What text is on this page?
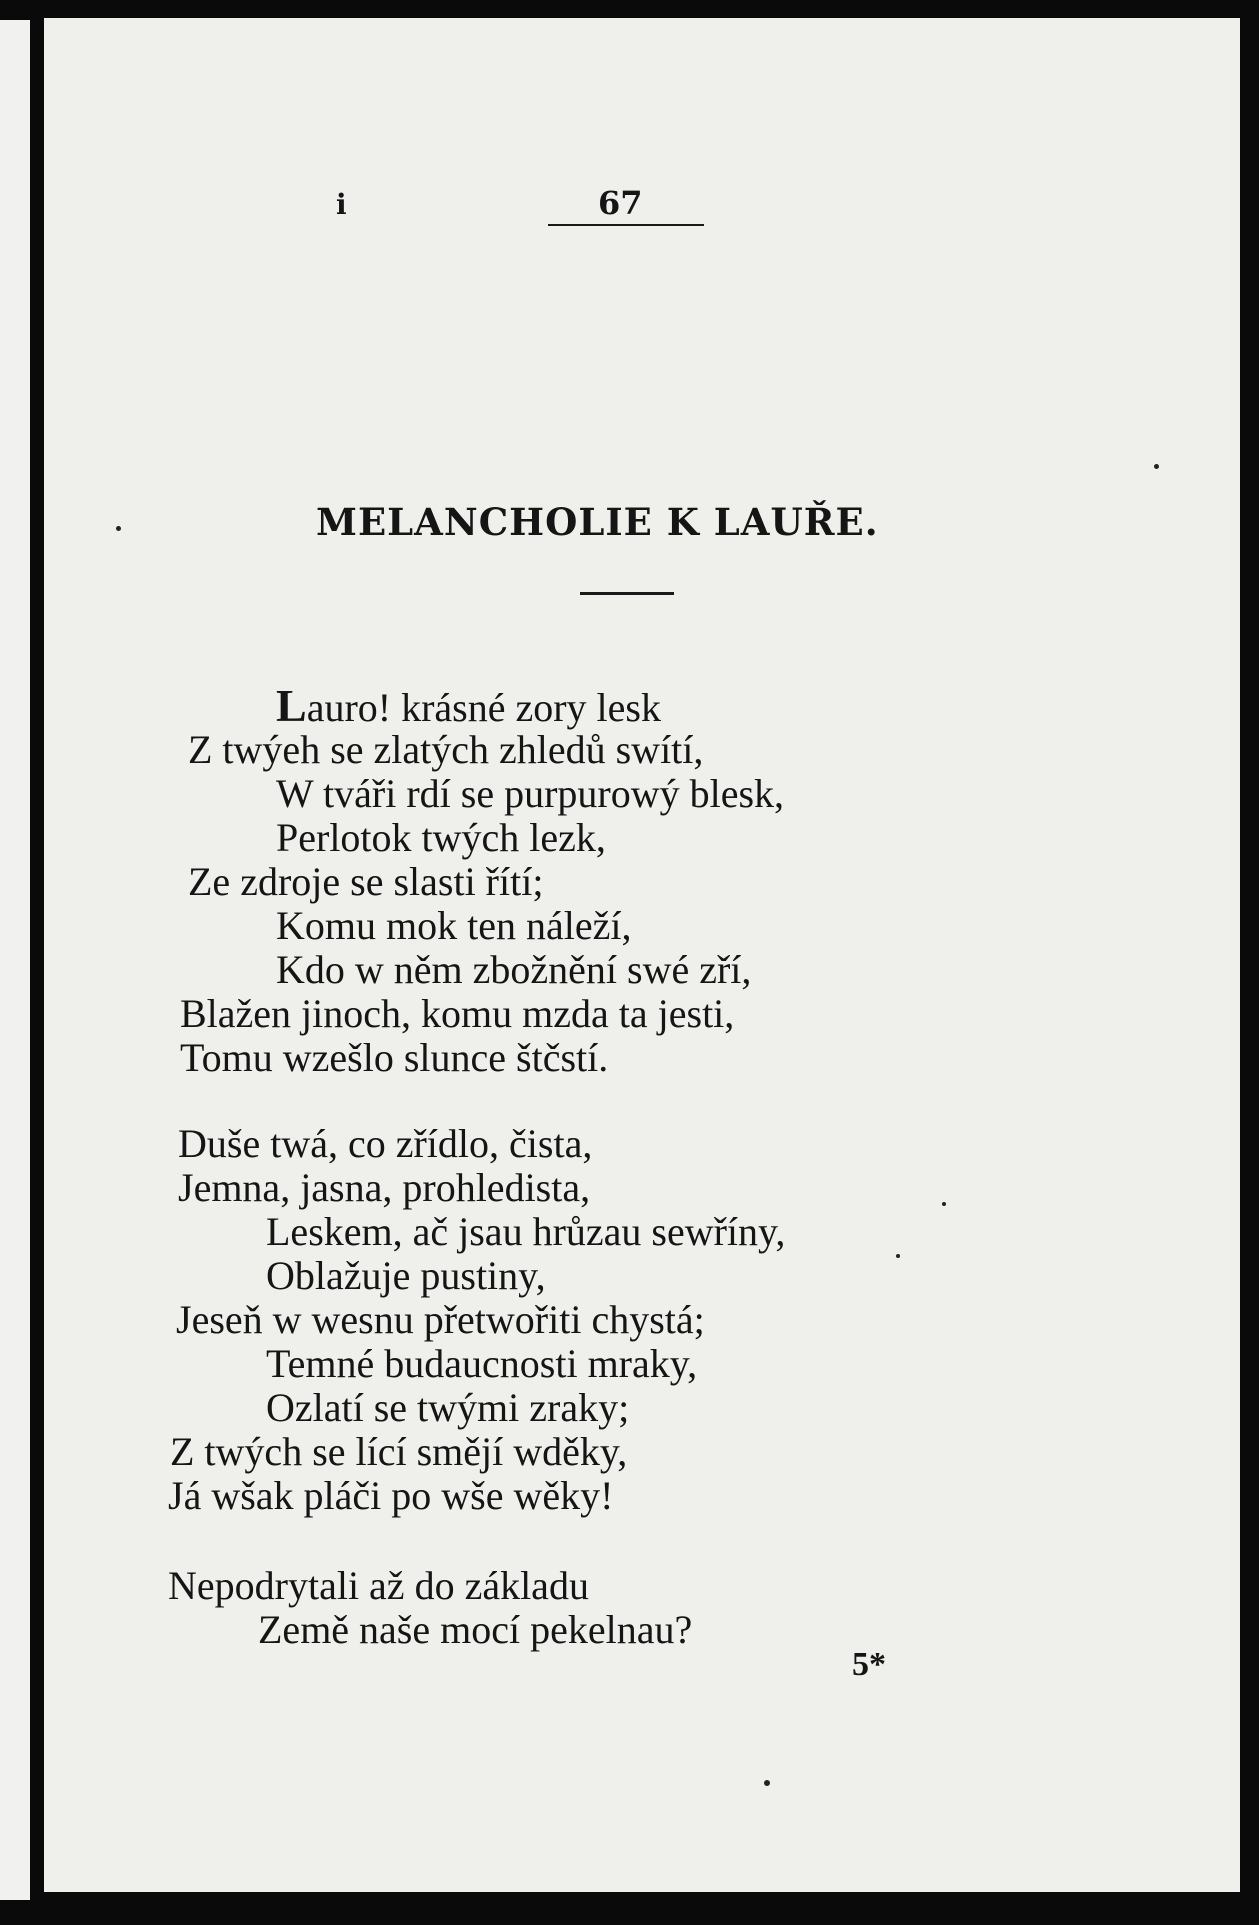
i	67
MELANCHOLIE K LAUŘE.
Lauro! krásné zory lesk
Z twýeh se zlatých zhledů swítí,
W tváři rdí se purpurowý blesk,
Perlotok twých lezk,
Ze zdroje se slasti řítí;
Komu mok ten náleží,
Kdo w něm zbožnění swé zří,
Blažen jinoch, komu mzda ta jesti,
Tomu wzešlo slunce štčstí.
Duše twá, co zřídlo, čista,
Jemna, jasna, prohledista,
Leskem, ač jsau hrůzau sewříny,
Oblažuje pustiny,
Jeseň w wesnu přetwořiti chystá;
Temné budaucnosti mraky,
Ozlatí se twými zraky;
Z twých se lící smějí wděky,
Já wšak pláči po wše wěky!
Nepodrytali až do základu
Země naše mocí pekelnau?
5*
